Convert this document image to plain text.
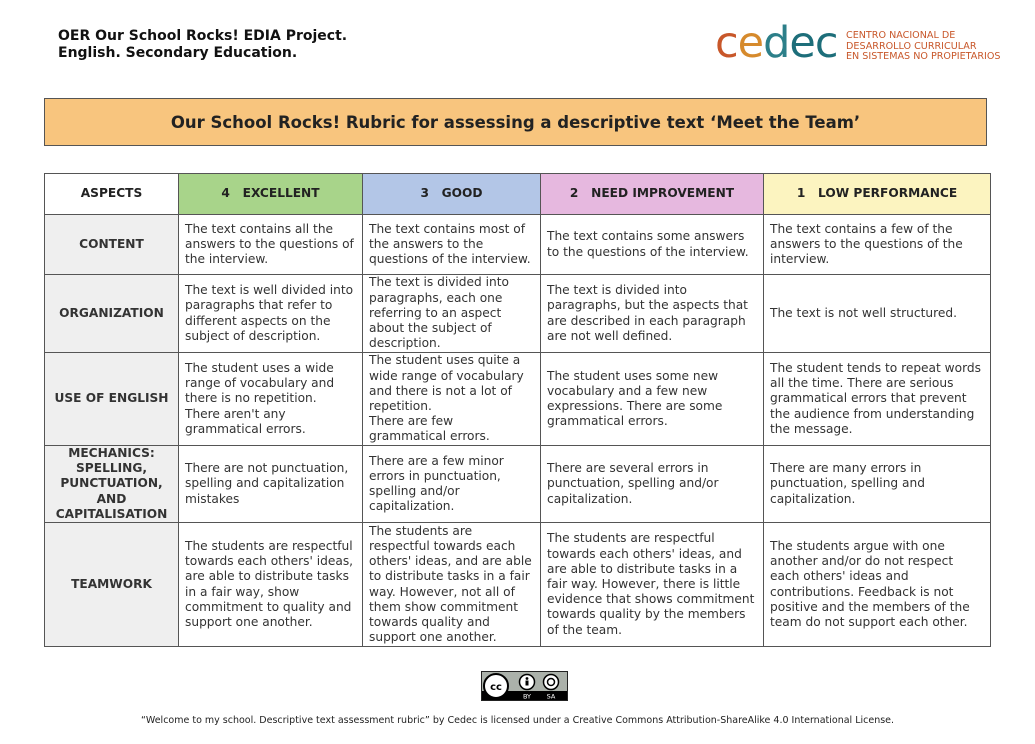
OER Our School Rocks! EDIA Project.
English. Secondary Education.	cedec CENTRO NACIONAL DE
DESARROLLO CURRICULAR
EN SISTEMAS NO PROPIETARIOS
Our School Rocks! Rubric for assessing a descriptive text ‘Meet the Team’
ASPECTS	4   EXCELLENT	3   GOOD	2   NEED IMPROVEMENT	1   LOW PERFORMANCE
CONTENT	The text contains all the answers to the questions of the interview.	The text contains most of the answers to the questions of the interview.	The text contains some answers to the questions of the interview.	The text contains a few of the answers to the questions of the interview.
ORGANIZATION	The text is well divided into paragraphs that refer to different aspects on the subject of description.	The text is divided into paragraphs, each one referring to an aspect about the subject of description.	The text is divided into paragraphs, but the aspects that are described in each paragraph are not well defined.	The text is not well structured.
USE OF ENGLISH	The student uses a wide range of vocabulary and there is no repetition.
There aren't any grammatical errors.	The student uses quite a wide range of vocabulary and there is not a lot of repetition.
There are few grammatical errors.	The student uses some new vocabulary and a few new expressions. There are some grammatical errors.	The student tends to repeat words all the time. There are serious grammatical errors that prevent the audience from understanding the message.
MECHANICS:
SPELLING,
PUNCTUATION,
AND
CAPITALISATION	There are not punctuation, spelling and capitalization mistakes	There are a few minor errors in punctuation, spelling and/or capitalization.	There are several errors in punctuation, spelling and/or capitalization.	There are many errors in punctuation, spelling and capitalization.
TEAMWORK	The students are respectful towards each others' ideas, are able to distribute tasks in a fair way, show commitment to quality and support one another.	The students are respectful towards each others' ideas, and are able to distribute tasks in a fair way. However, not all of them show commitment towards quality and support one another.	The students are respectful towards each others' ideas, and are able to distribute tasks in a fair way. However, there is little evidence that shows commitment towards quality by the members of the team.	The students argue with one another and/or do not respect each others' ideas and contributions. Feedback is not positive and the members of the team do not support each other.
cc
BY SA
“Welcome to my school. Descriptive text assessment rubric” by Cedec is licensed under a Creative Commons Attribution-ShareAlike 4.0 International License.
